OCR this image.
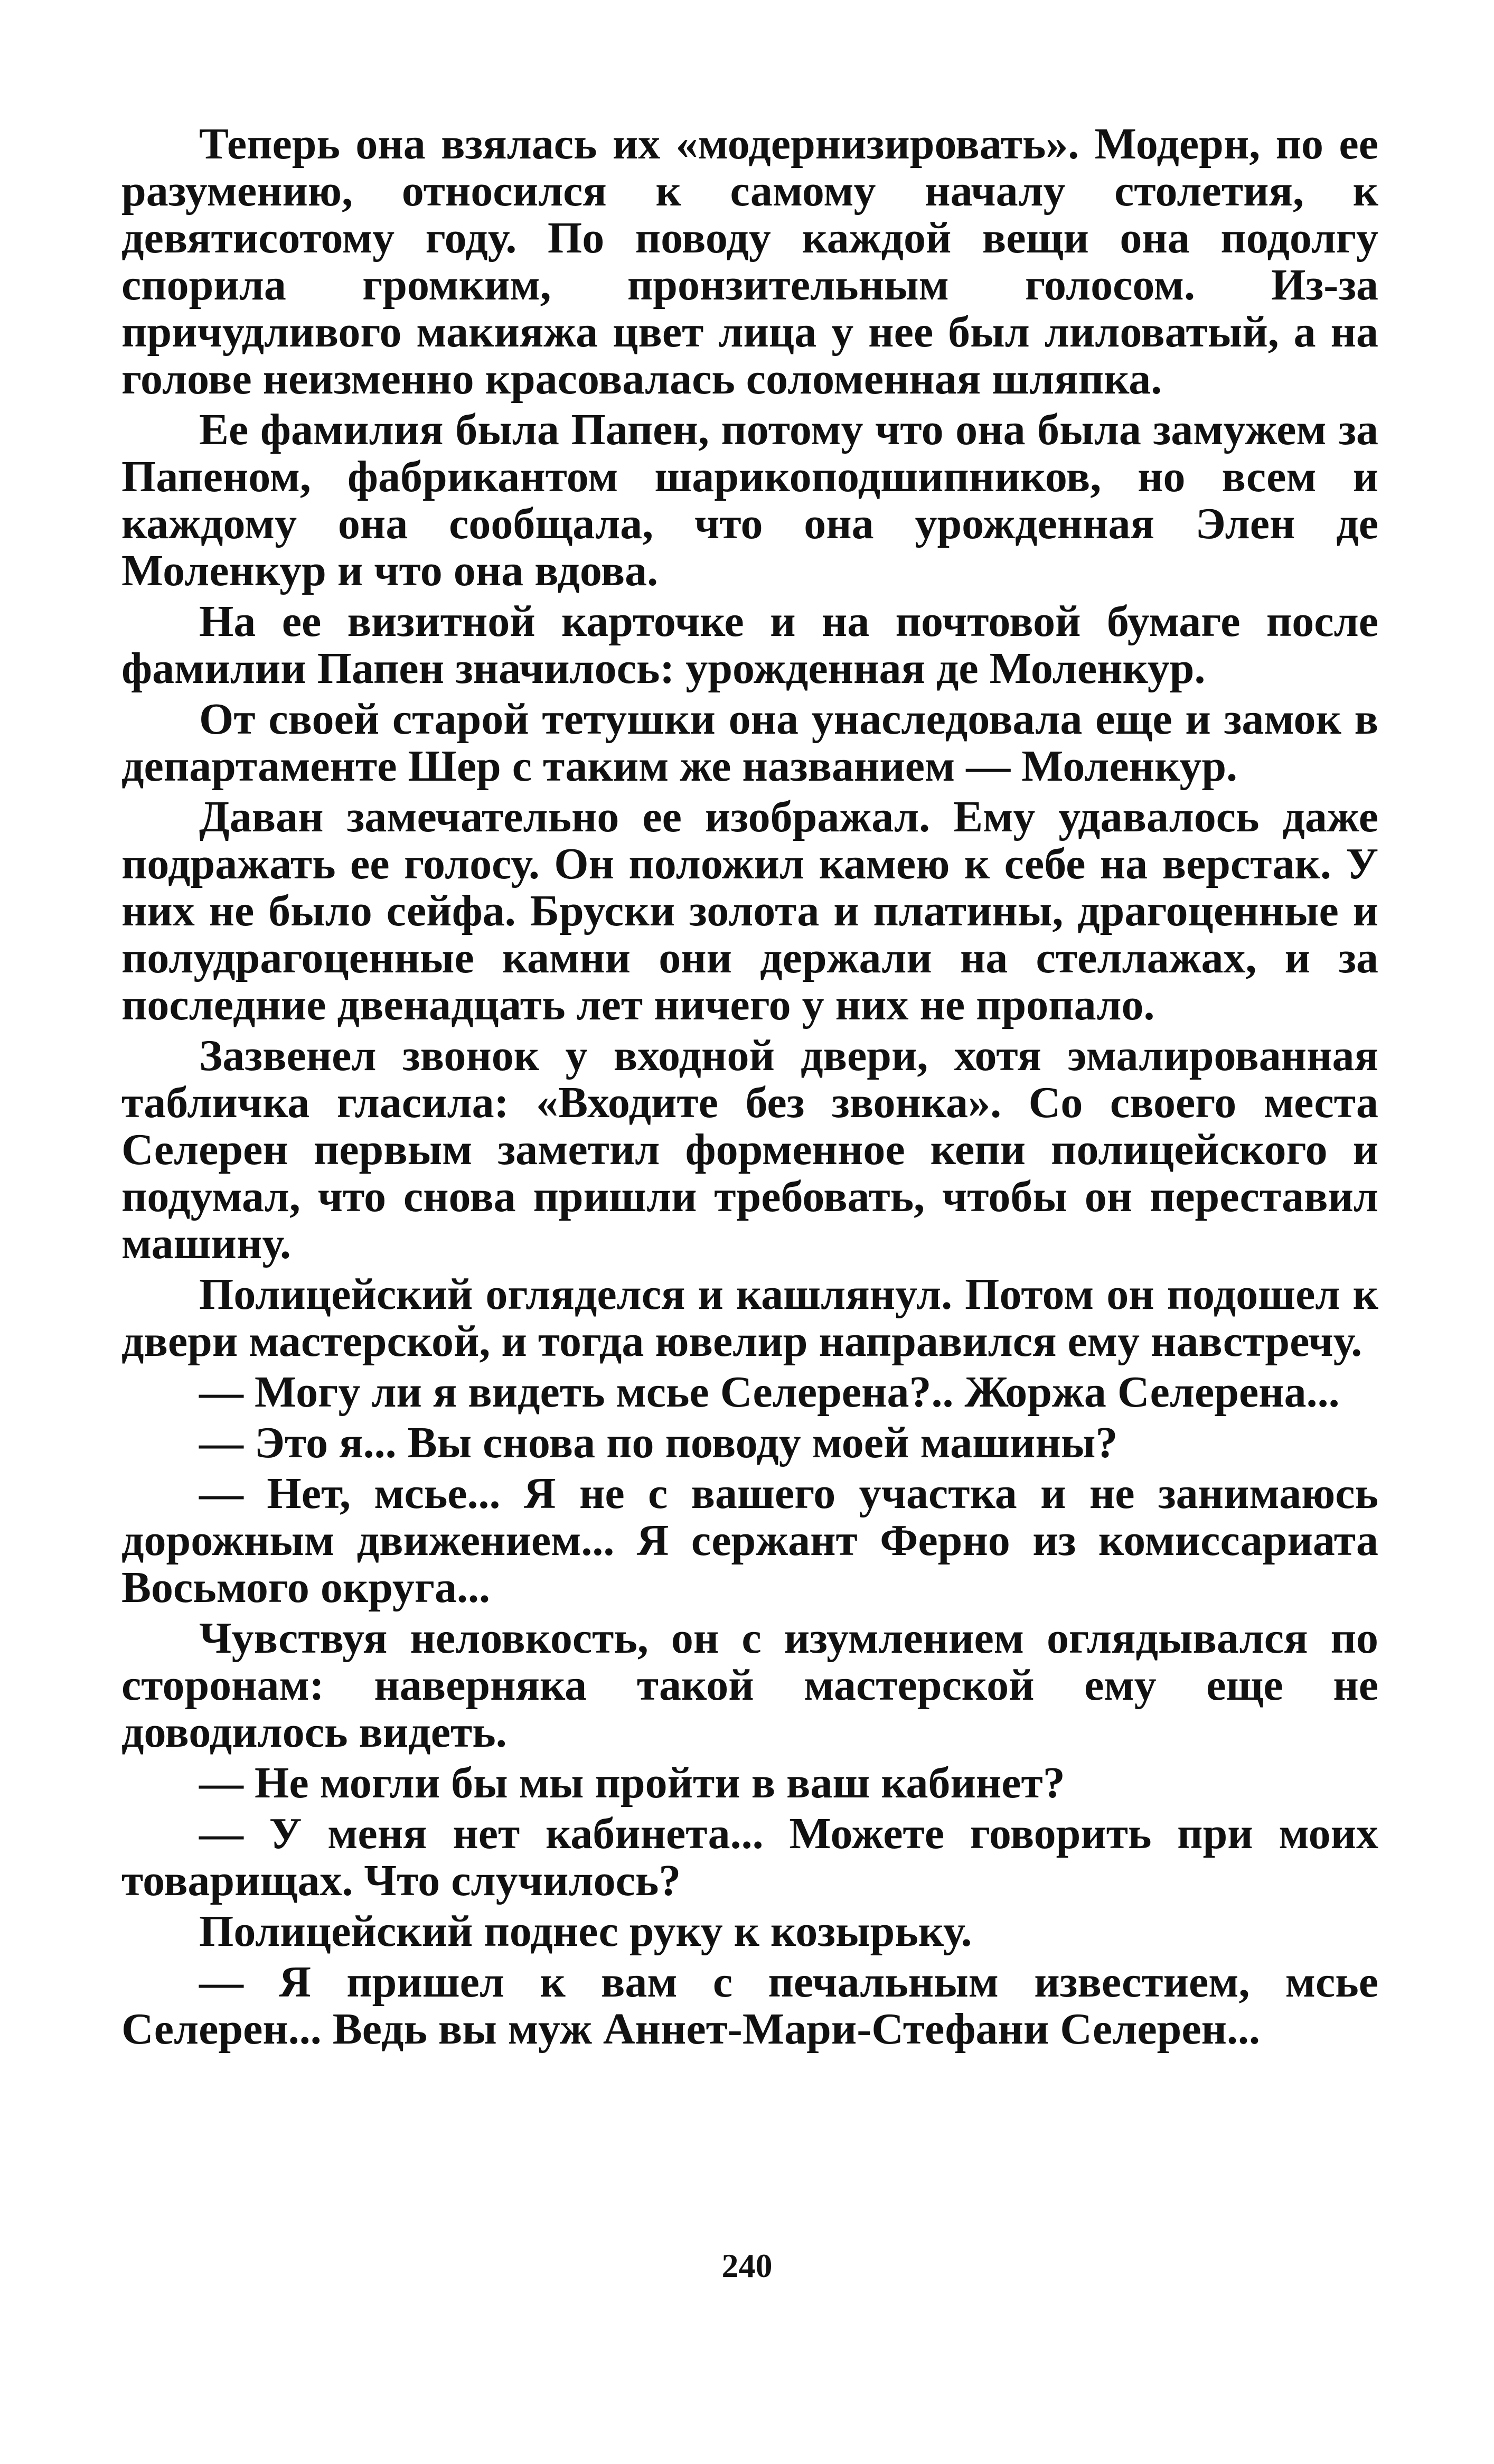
Теперь она взялась их «модернизировать». Модерн, по ее разумению, относился к самому началу столетия, к девятисотому году. По поводу каждой вещи она подолгу спорила громким, пронзительным голосом. Из-за причудливого макияжа цвет лица у нее был лиловатый, а на голове неизменно красовалась соломенная шляпка.

Ее фамилия была Папен, потому что она была замужем за Папеном, фабрикантом шарикоподшипников, но всем и каждому она сообщала, что она урожденная Элен де Моленкур и что она вдова.

На ее визитной карточке и на почтовой бумаге после фамилии Папен значилось: урожденная де Моленкур.

От своей старой тетушки она унаследовала еще и замок в департаменте Шер с таким же названием — Моленкур.

Даван замечательно ее изображал. Ему удавалось даже подражать ее голосу. Он положил камею к себе на верстак. У них не было сейфа. Бруски золота и платины, драгоценные и полудрагоценные камни они держали на стеллажах, и за последние двенадцать лет ничего у них не пропало.

Зазвенел звонок у входной двери, хотя эмалированная табличка гласила: «Входите без звонка». Со своего места Селерен первым заметил форменное кепи полицейского и подумал, что снова пришли требовать, чтобы он переставил машину.

Полицейский огляделся и кашлянул. Потом он подошел к двери мастерской, и тогда ювелир направился ему навстречу.

— Могу ли я видеть мсье Селерена?.. Жоржа Селерена...

— Это я... Вы снова по поводу моей машины?

— Нет, мсье... Я не с вашего участка и не занимаюсь дорожным движением... Я сержант Ферно из комиссариата Восьмого округа...

Чувствуя неловкость, он с изумлением оглядывался по сторонам: наверняка такой мастерской ему еще не доводилось видеть.

— Не могли бы мы пройти в ваш кабинет?

— У меня нет кабинета... Можете говорить при моих товарищах. Что случилось?

Полицейский поднес руку к козырьку.

— Я пришел к вам с печальным известием, мсье Селерен... Ведь вы муж Аннет-Мари-Стефани Селерен...

240
